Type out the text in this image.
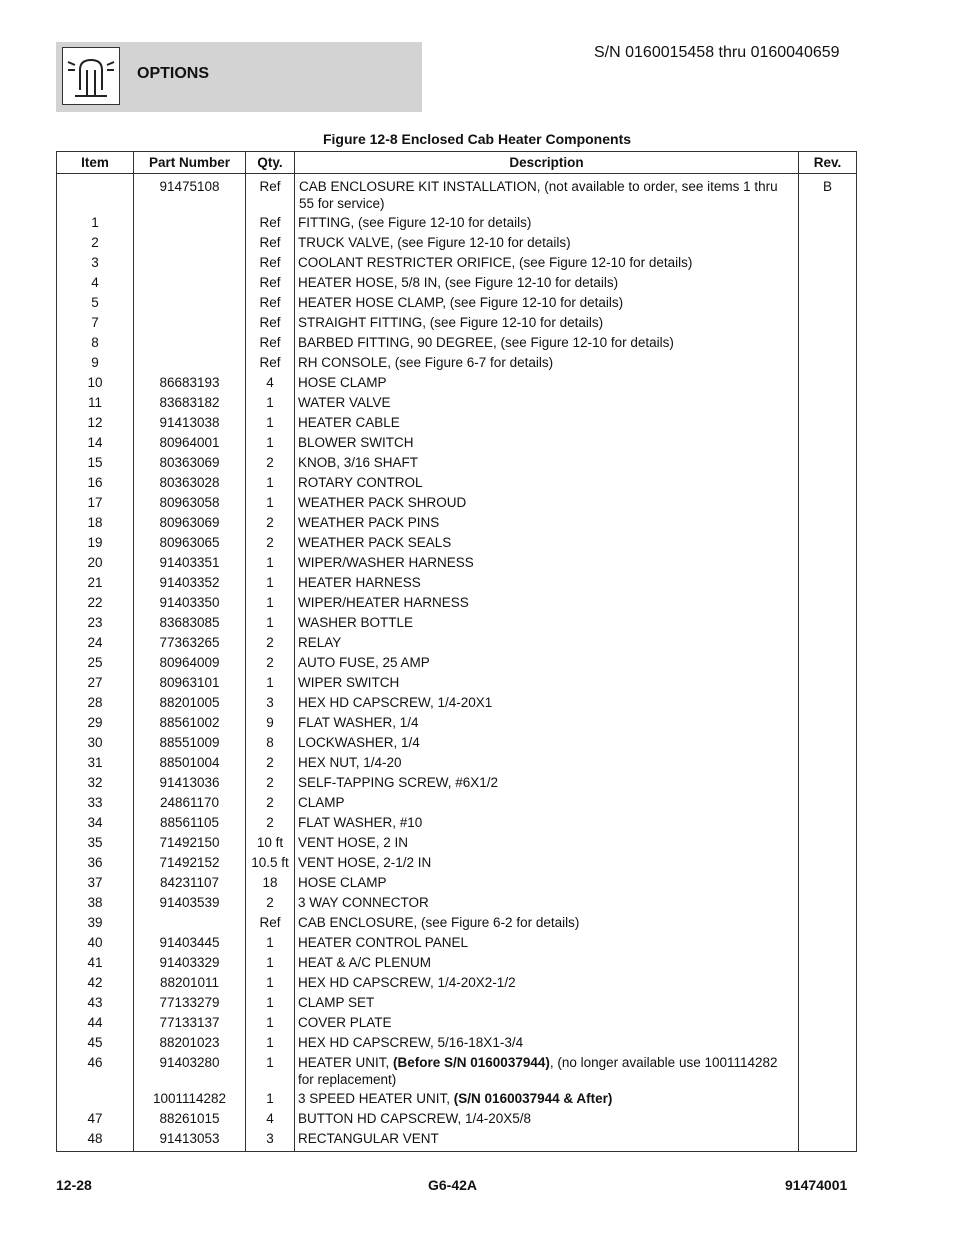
OPTIONS
S/N 0160015458 thru 0160040659
Figure 12-8 Enclosed Cab Heater Components
Item	Part Number	Qty.	Description	Rev.
	91475108	Ref	CAB ENCLOSURE KIT INSTALLATION, (not available to order, see items 1 thru 55 for service)	B
1		Ref	FITTING, (see Figure 12-10 for details)	
2		Ref	TRUCK VALVE, (see Figure 12-10 for details)	
3		Ref	COOLANT RESTRICTER ORIFICE, (see Figure 12-10 for details)	
4		Ref	HEATER HOSE, 5/8 IN, (see Figure 12-10 for details)	
5		Ref	HEATER HOSE CLAMP, (see Figure 12-10 for details)	
7		Ref	STRAIGHT FITTING, (see Figure 12-10 for details)	
8		Ref	BARBED FITTING, 90 DEGREE, (see Figure 12-10 for details)	
9		Ref	RH CONSOLE, (see Figure 6-7 for details)	
10	86683193	4	HOSE CLAMP	
11	83683182	1	WATER VALVE	
12	91413038	1	HEATER CABLE	
14	80964001	1	BLOWER SWITCH	
15	80363069	2	KNOB, 3/16 SHAFT	
16	80363028	1	ROTARY CONTROL	
17	80963058	1	WEATHER PACK SHROUD	
18	80963069	2	WEATHER PACK PINS	
19	80963065	2	WEATHER PACK SEALS	
20	91403351	1	WIPER/WASHER HARNESS	
21	91403352	1	HEATER HARNESS	
22	91403350	1	WIPER/HEATER HARNESS	
23	83683085	1	WASHER BOTTLE	
24	77363265	2	RELAY	
25	80964009	2	AUTO FUSE, 25 AMP	
27	80963101	1	WIPER SWITCH	
28	88201005	3	HEX HD CAPSCREW, 1/4-20X1	
29	88561002	9	FLAT WASHER, 1/4	
30	88551009	8	LOCKWASHER, 1/4	
31	88501004	2	HEX NUT, 1/4-20	
32	91413036	2	SELF-TAPPING SCREW, #6X1/2	
33	24861170	2	CLAMP	
34	88561105	2	FLAT WASHER, #10	
35	71492150	10 ft	VENT HOSE, 2 IN	
36	71492152	10.5 ft	VENT HOSE, 2-1/2 IN	
37	84231107	18	HOSE CLAMP	
38	91403539	2	3 WAY CONNECTOR	
39		Ref	CAB ENCLOSURE, (see Figure 6-2 for details)	
40	91403445	1	HEATER CONTROL PANEL	
41	91403329	1	HEAT & A/C PLENUM	
42	88201011	1	HEX HD CAPSCREW, 1/4-20X2-1/2	
43	77133279	1	CLAMP SET	
44	77133137	1	COVER PLATE	
45	88201023	1	HEX HD CAPSCREW, 5/16-18X1-3/4	
46	91403280	1	HEATER UNIT, (Before S/N 0160037944), (no longer available use 1001114282 for replacement)	
	1001114282	1	3 SPEED HEATER UNIT, (S/N 0160037944 & After)	
47	88261015	4	BUTTON HD CAPSCREW, 1/4-20X5/8	
48	91413053	3	RECTANGULAR VENT	
12-28	G6-42A	91474001
